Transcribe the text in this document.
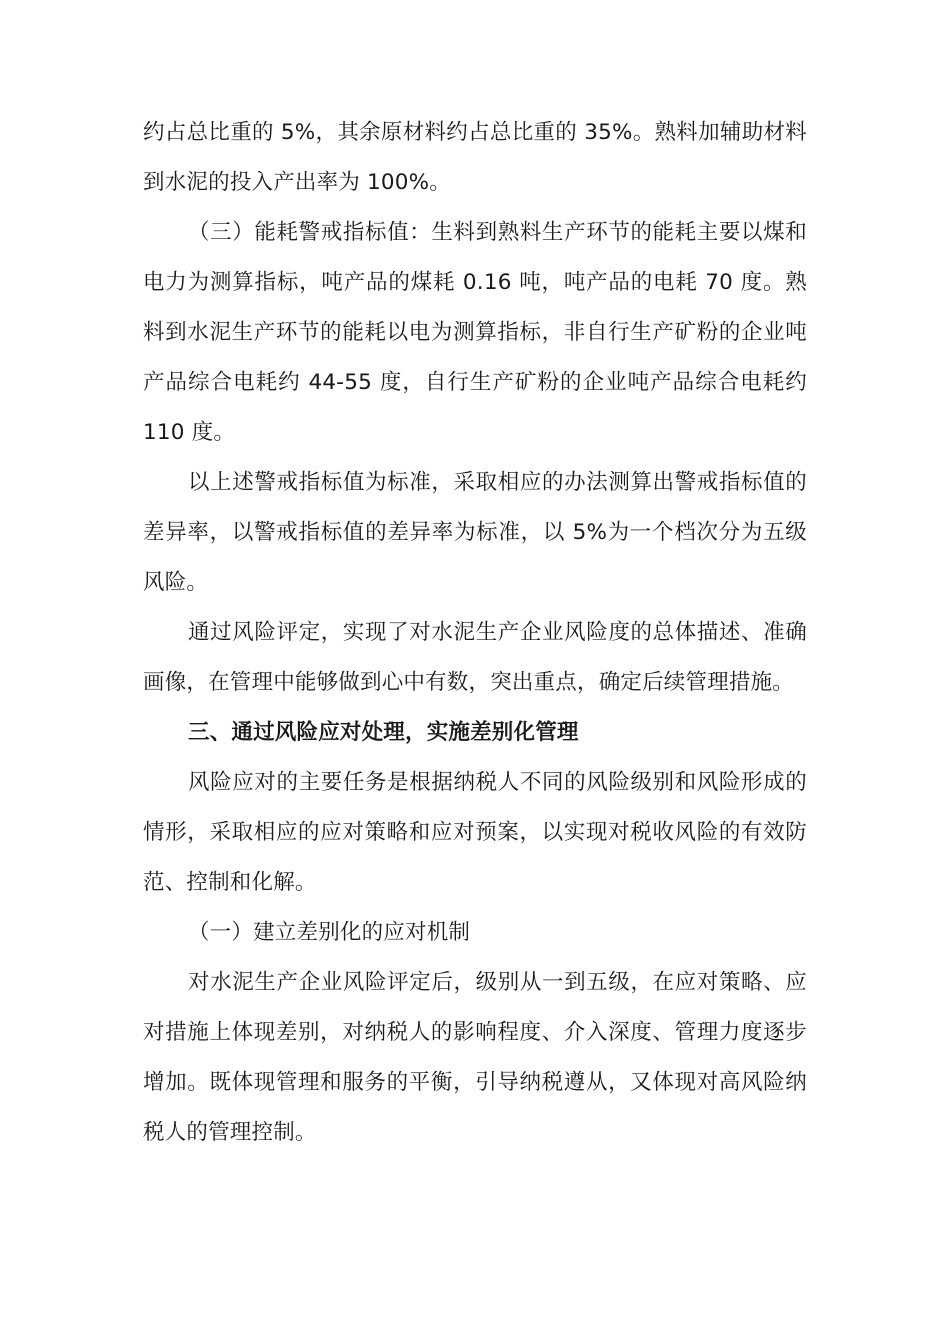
约占总比重的 5%，其余原材料约占总比重的 35%。熟料加辅助材料到水泥的投入产出率为 100%。

（三）能耗警戒指标值：生料到熟料生产环节的能耗主要以煤和电力为测算指标，吨产品的煤耗 0.16 吨，吨产品的电耗 70 度。熟料到水泥生产环节的能耗以电为测算指标，非自行生产矿粉的企业吨产品综合电耗约 44-55 度，自行生产矿粉的企业吨产品综合电耗约 110 度。

以上述警戒指标值为标准，采取相应的办法测算出警戒指标值的差异率，以警戒指标值的差异率为标准，以 5%为一个档次分为五级风险。

通过风险评定，实现了对水泥生产企业风险度的总体描述、准确画像，在管理中能够做到心中有数，突出重点，确定后续管理措施。

三、通过风险应对处理，实施差别化管理

风险应对的主要任务是根据纳税人不同的风险级别和风险形成的情形，采取相应的应对策略和应对预案，以实现对税收风险的有效防范、控制和化解。

（一）建立差别化的应对机制

对水泥生产企业风险评定后，级别从一到五级，在应对策略、应对措施上体现差别，对纳税人的影响程度、介入深度、管理力度逐步增加。既体现管理和服务的平衡，引导纳税遵从，又体现对高风险纳税人的管理控制。
